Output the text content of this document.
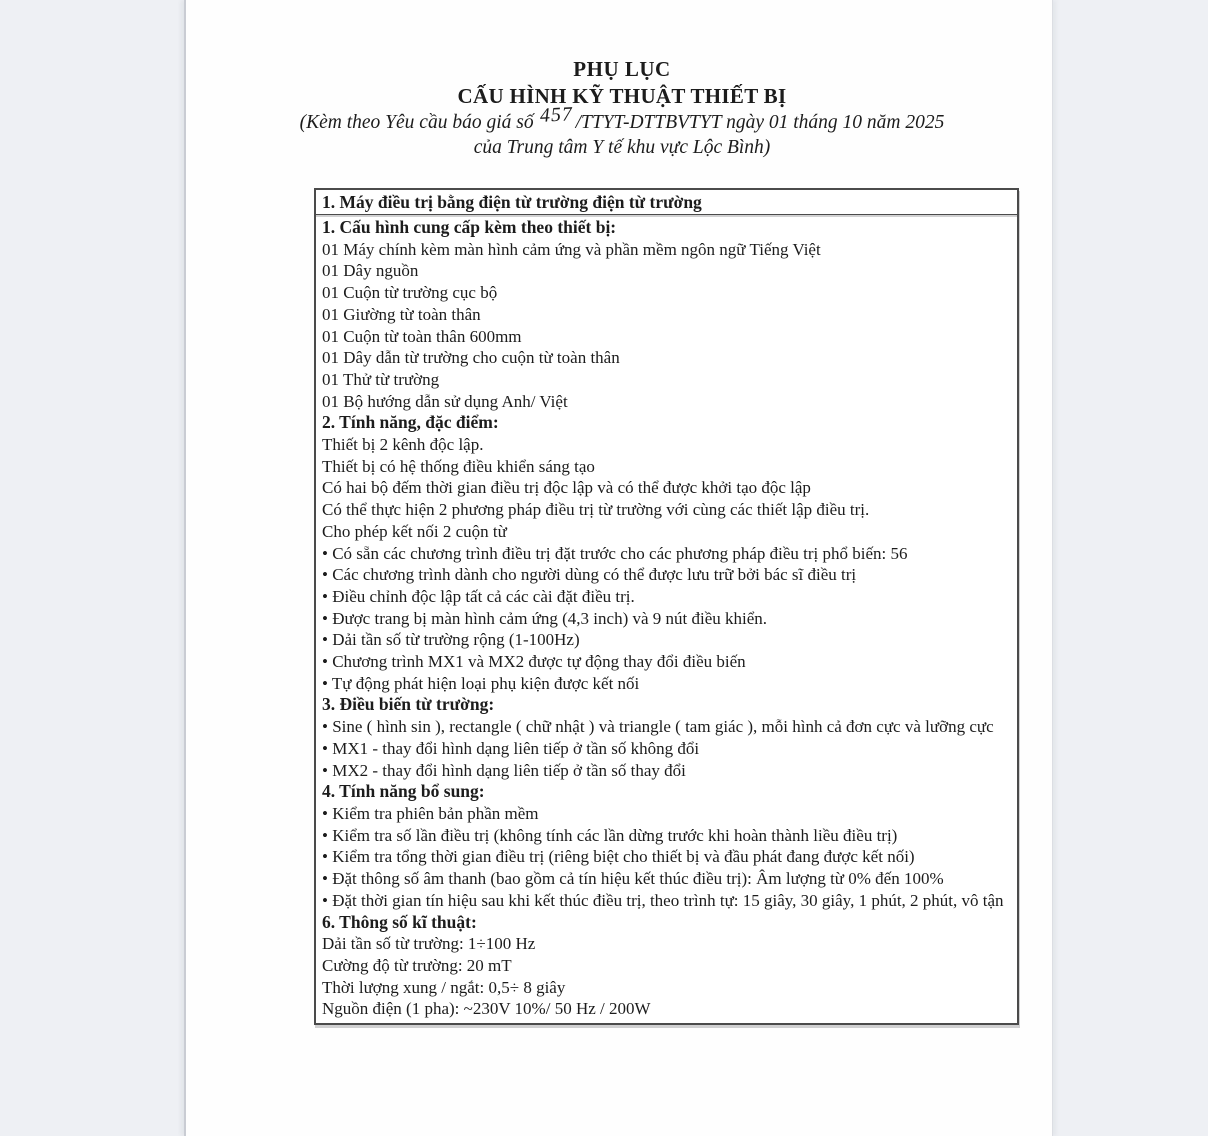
PHỤ LỤC
CẤU HÌNH KỸ THUẬT THIẾT BỊ
(Kèm theo Yêu cầu báo giá số 457 /TTYT-DTTBVTYT ngày 01 tháng 10 năm 2025
của Trung tâm Y tế khu vực Lộc Bình)
1. Máy điều trị bằng điện từ trường điện từ trường
1. Cấu hình cung cấp kèm theo thiết bị:
01 Máy chính kèm màn hình cảm ứng và phần mềm ngôn ngữ Tiếng Việt
01 Dây nguồn
01 Cuộn từ trường cục bộ
01 Giường từ toàn thân
01 Cuộn từ toàn thân 600mm
01 Dây dẫn từ trường cho cuộn từ toàn thân
01 Thử từ trường
01 Bộ hướng dẫn sử dụng Anh/ Việt
2. Tính năng, đặc điểm:
Thiết bị 2 kênh độc lập.
Thiết bị có hệ thống điều khiển sáng tạo
Có hai bộ đếm thời gian điều trị độc lập và có thể được khởi tạo độc lập
Có thể thực hiện 2 phương pháp điều trị từ trường với cùng các thiết lập điều trị.
Cho phép kết nối 2 cuộn từ
• Có sẵn các chương trình điều trị đặt trước cho các phương pháp điều trị phổ biến: 56
• Các chương trình dành cho người dùng có thể được lưu trữ bởi bác sĩ điều trị
• Điều chỉnh độc lập tất cả các cài đặt điều trị.
• Được trang bị màn hình cảm ứng (4,3 inch) và 9 nút điều khiển.
• Dải tần số từ trường rộng (1-100Hz)
• Chương trình MX1 và MX2 được tự động thay đổi điều biến
• Tự động phát hiện loại phụ kiện được kết nối
3. Điều biến từ trường:
• Sine ( hình sin ), rectangle ( chữ nhật ) và triangle ( tam giác ), mỗi hình cả đơn cực và lưỡng cực
• MX1 - thay đổi hình dạng liên tiếp ở tần số không đổi
• MX2 - thay đổi hình dạng liên tiếp ở tần số thay đổi
4. Tính năng bổ sung:
• Kiểm tra phiên bản phần mềm
• Kiểm tra số lần điều trị (không tính các lần dừng trước khi hoàn thành liều điều trị)
• Kiểm tra tổng thời gian điều trị (riêng biệt cho thiết bị và đầu phát đang được kết nối)
• Đặt thông số âm thanh (bao gồm cả tín hiệu kết thúc điều trị): Âm lượng từ 0% đến 100%
• Đặt thời gian tín hiệu sau khi kết thúc điều trị, theo trình tự: 15 giây, 30 giây, 1 phút, 2 phút, vô tận
6. Thông số kĩ thuật:
Dải tần số từ trường: 1÷100 Hz
Cường độ từ trường: 20 mT
Thời lượng xung / ngắt: 0,5÷ 8 giây
Nguồn điện (1 pha): ~230V 10%/ 50 Hz / 200W
